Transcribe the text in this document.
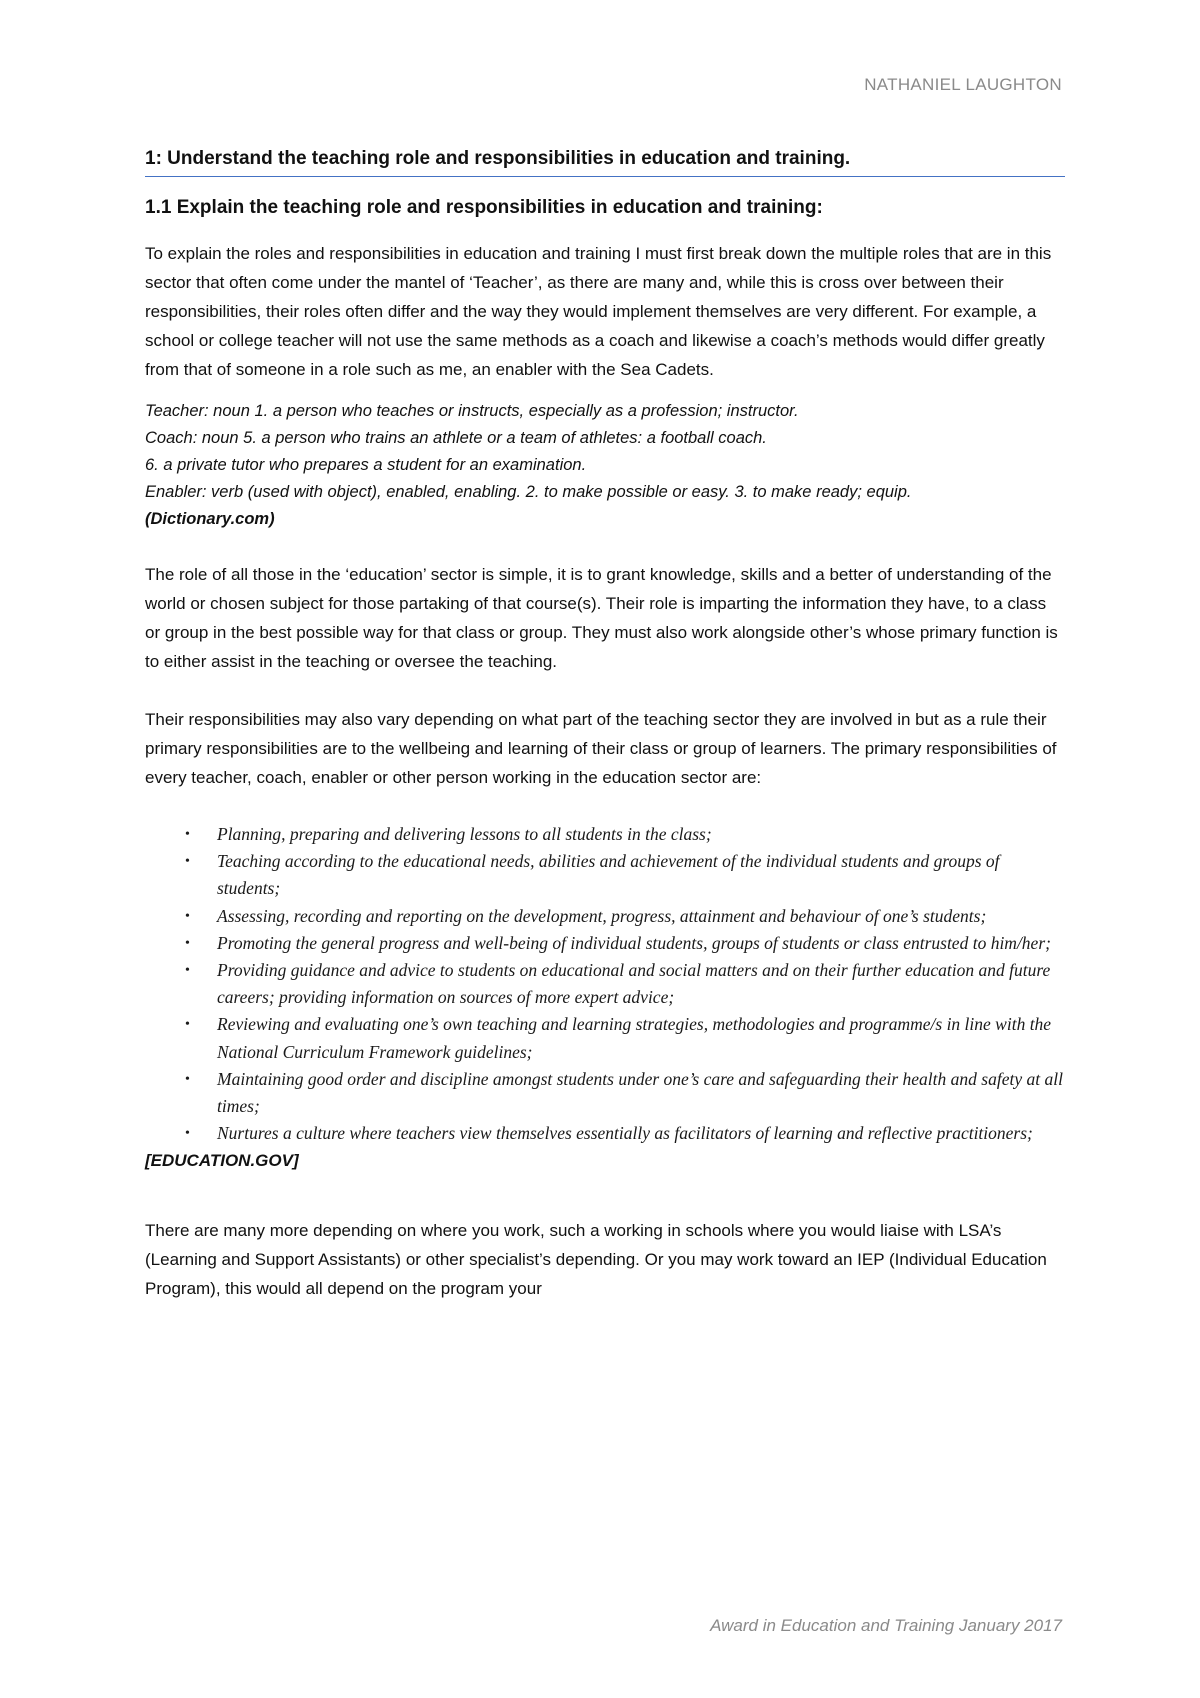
NATHANIEL LAUGHTON
1: Understand the teaching role and responsibilities in education and training.
1.1 Explain the teaching role and responsibilities in education and training:

To explain the roles and responsibilities in education and training I must first break down the multiple roles that are in this sector that often come under the mantel of ‘Teacher’, as there are many and, while this is cross over between their responsibilities, their roles often differ and the way they would implement themselves are very different. For example, a school or college teacher will not use the same methods as a coach and likewise a coach’s methods would differ greatly from that of someone in a role such as me, an enabler with the Sea Cadets.

Teacher: noun 1. a person who teaches or instructs, especially as a profession; instructor.
Coach: noun 5. a person who trains an athlete or a team of athletes: a football coach.
6. a private tutor who prepares a student for an examination.
Enabler: verb (used with object), enabled, enabling. 2. to make possible or easy. 3. to make ready; equip.
(Dictionary.com)

The role of all those in the ‘education’ sector is simple, it is to grant knowledge, skills and a better of understanding of the world or chosen subject for those partaking of that course(s). Their role is imparting the information they have, to a class or group in the best possible way for that class or group. They must also work alongside other’s whose primary function is to either assist in the teaching or oversee the teaching.

Their responsibilities may also vary depending on what part of the teaching sector they are involved in but as a rule their primary responsibilities are to the wellbeing and learning of their class or group of learners. The primary responsibilities of every teacher, coach, enabler or other person working in the education sector are:

• Planning, preparing and delivering lessons to all students in the class;
• Teaching according to the educational needs, abilities and achievement of the individual students and groups of students;
• Assessing, recording and reporting on the development, progress, attainment and behaviour of one’s students;
• Promoting the general progress and well-being of individual students, groups of students or class entrusted to him/her;
• Providing guidance and advice to students on educational and social matters and on their further education and future careers; providing information on sources of more expert advice;
• Reviewing and evaluating one’s own teaching and learning strategies, methodologies and programme/s in line with the National Curriculum Framework guidelines;
• Maintaining good order and discipline amongst students under one’s care and safeguarding their health and safety at all times;
• Nurtures a culture where teachers view themselves essentially as facilitators of learning and reflective practitioners;

[EDUCATION.GOV]

There are many more depending on where you work, such a working in schools where you would liaise with LSA’s (Learning and Support Assistants) or other specialist’s depending. Or you may work toward an IEP (Individual Education Program), this would all depend on the program your

Award in Education and Training January 2017
